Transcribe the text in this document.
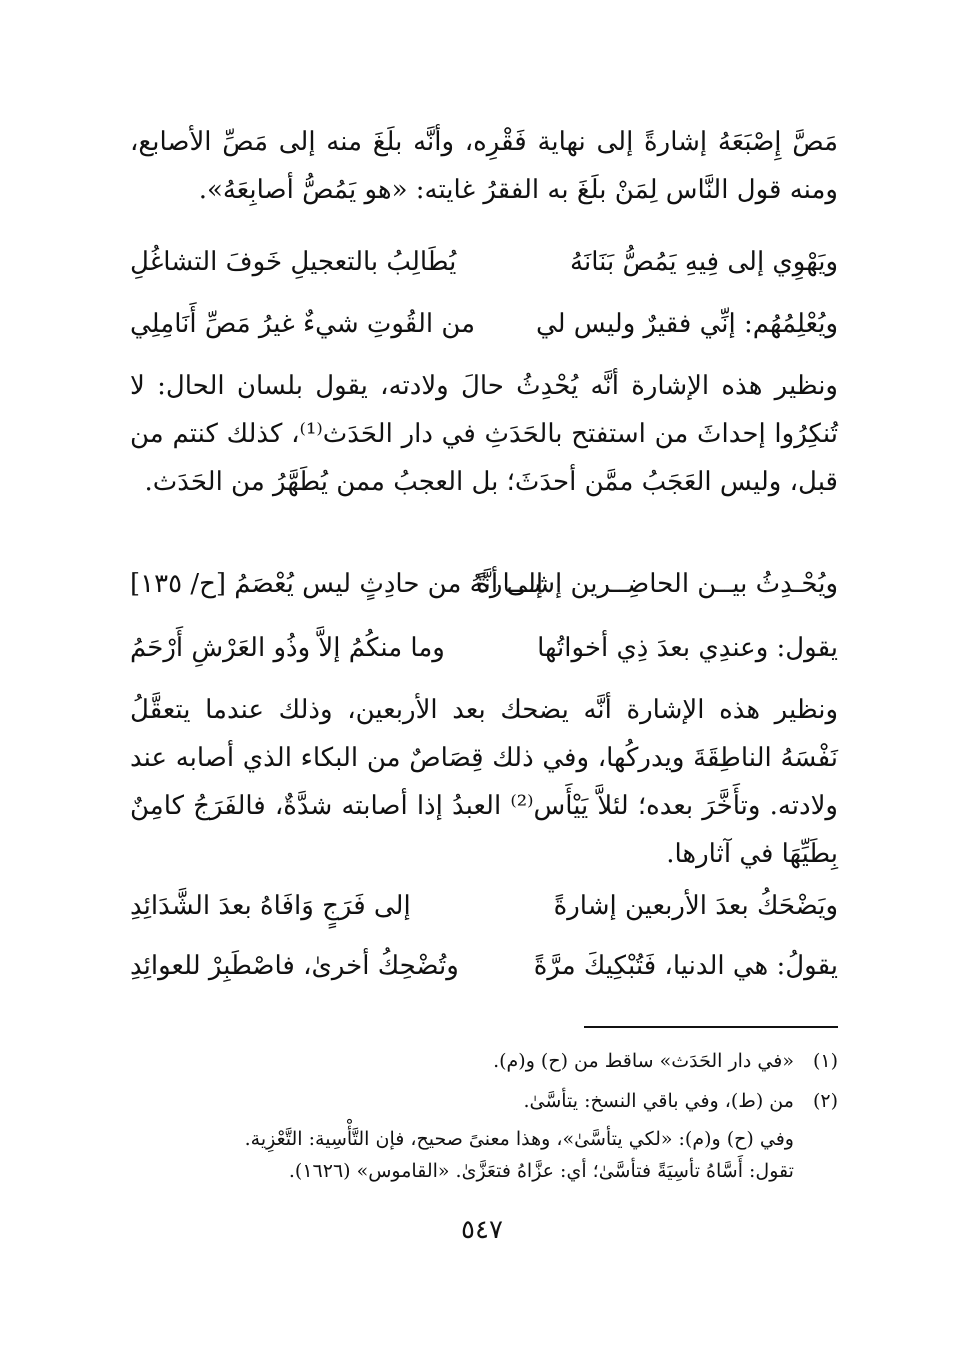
مَصَّ إِصْبَعَهُ إشارةً إلى نهاية فَقْرِه، وأنَّه بلَغَ منه إلى مَصِّ الأصابع، ومنه قول النَّاس لِمَنْ بلَغَ به الفقرُ غايته: «هو يَمُصُّ أصابِعَهُ».

ويَهْوِي إلى فِيهِ يَمُصُّ بَنَانَهُ
يُطَالِبُ بالتعجيلِ خَوفَ التشاغُلِ
ويُعْلِمُهُم: إنِّي فقيرٌ وليس لي
من القُوتِ شيءٌ غيرُ مَصِّ أَنَامِلِي

ونظير هذه الإشارة أنَّه يُحْدِثُ حالَ ولادته، يقول بلسان الحال: لا تُنكِرُوا إحداثَ من استفتح بالحَدَثِ في دار الحَدَث⁽¹⁾، كذلك كنتم من قبل، وليس العَجَبُ ممَّن أحدَثَ؛ بل العجبُ ممن يُطَهَّرُ من الحَدَث.

ويُحْـدِثُ بيــن الحاضِــرين إشـــارةً
إلى أنَّهُ من حادِثٍ ليس يُعْصَمُ [ح/ ١٣٥]
يقول: وعندِي بعدَ ذِي أخواتُها
وما منكُمُ إلاَّ وذُو العَرْشِ أَرْحَمُ

ونظير هذه الإشارة أنَّه يضحك بعد الأربعين، وذلك عندما يتعقَّلُ نَفْسَهُ الناطِقَةَ ويدركُها، وفي ذلك قِصَاصٌ من البكاء الذي أصابه عند ولادته. وتأَخَّرَ بعده؛ لئلاَّ يَيْأَس⁽²⁾ العبدُ إذا أصابته شدَّةٌ، فالفَرَجُ كامِنٌ بِطَيِّهَا في آثارها.

ويَضْحَكُ بعدَ الأربعين إشارةً
إلى فَرَجٍ وَافَاهُ بعدَ الشَّدَائِدِ
يقولُ: هي الدنيا، فَتُبْكِيكَ مرَّةً
وتُضْحِكُ أخرىٰ، فاصْطَبِرْ للعوائِدِ
(١) «في دار الحَدَث» ساقط من (ح) و(م).
(٢) من (ط)، وفي باقي النسخ: يتأسَّىٰ.
وفي (ح) و(م): «لكي يتأسَّىٰ»، وهذا معنىً صحيح، فإن التَّأْسِية: التَّعْزِية.
تقول: أَسَّاهُ تأسِيَةً فتأسَّىٰ؛ أي: عزَّاهُ فتعَزَّىٰ. «القاموس» (١٦٢٦).
٥٤٧
